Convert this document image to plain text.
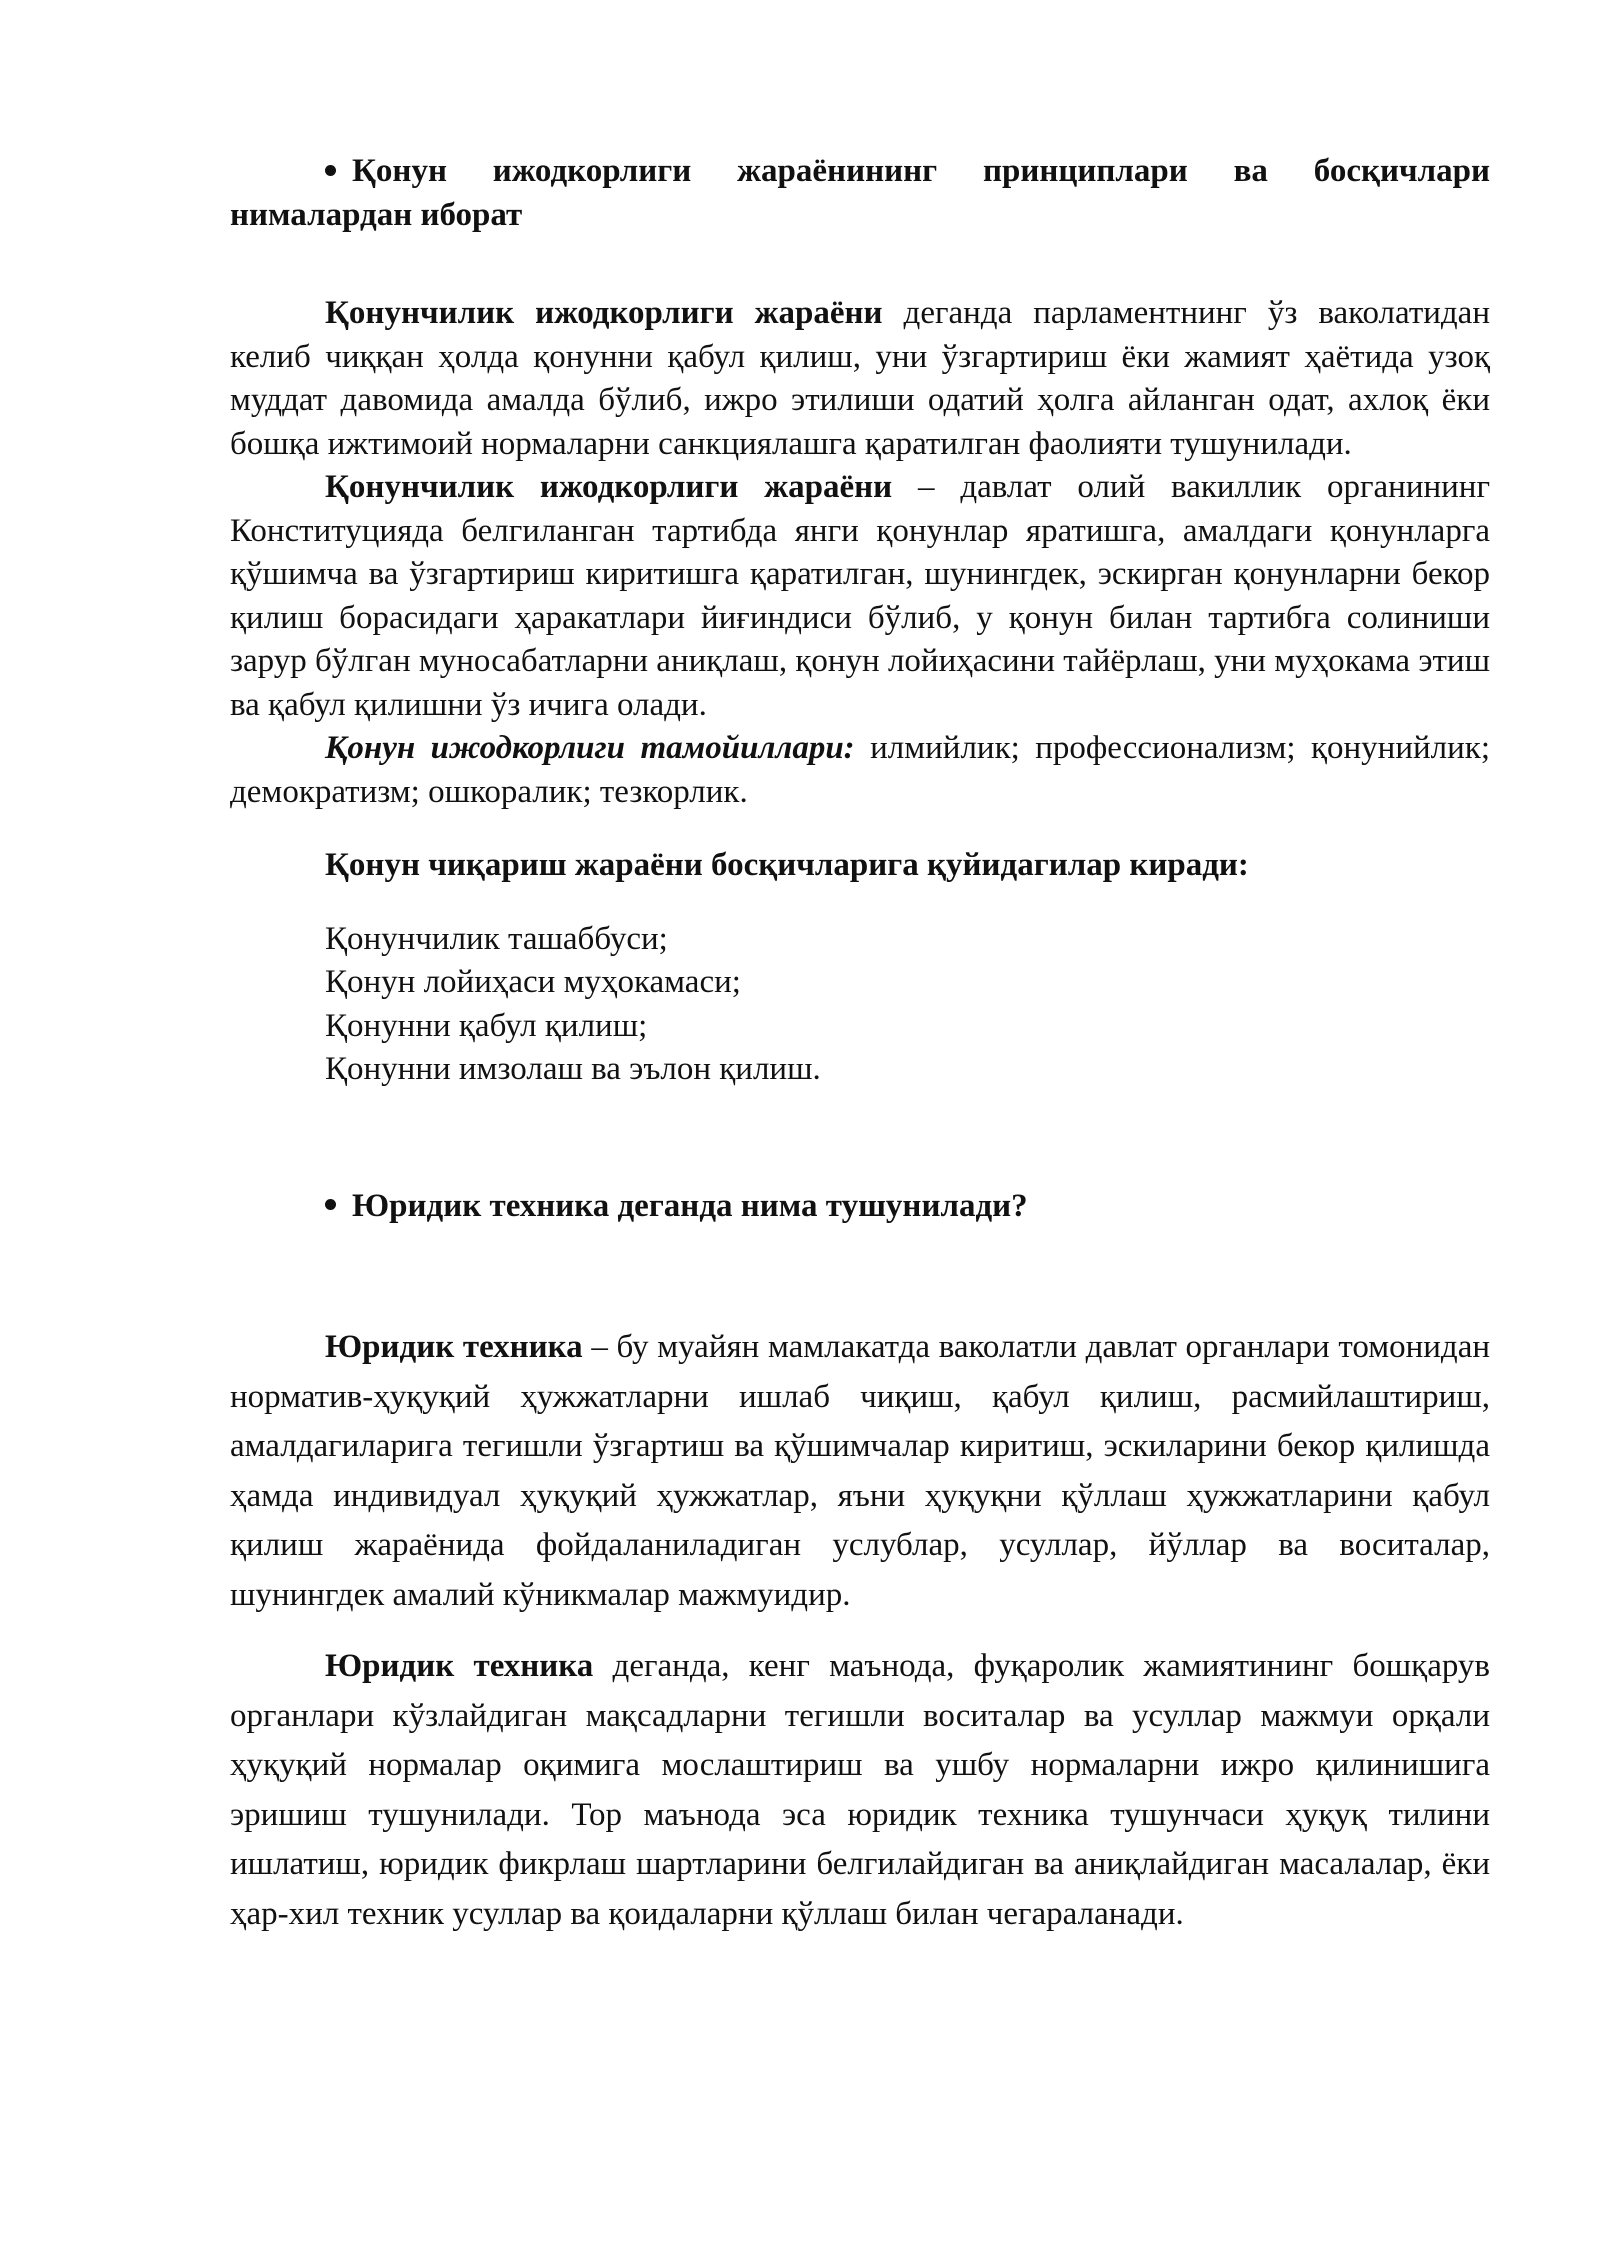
Қонун ижодкорлиги жараёнининг принциплари ва босқичлари нималардан иборат

Қонунчилик ижодкорлиги жараёни деганда парламентнинг ўз ваколатидан келиб чиққан ҳолда қонунни қабул қилиш, уни ўзгартириш ёки жамият ҳаётида узоқ муддат давомида амалда бўлиб, ижро этилиши одатий ҳолга айланган одат, ахлоқ ёки бошқа ижтимоий нормаларни санкциялашга қаратилган фаолияти тушунилади.

Қонунчилик ижодкорлиги жараёни – давлат олий вакиллик органининг Конституцияда белгиланган тартибда янги қонунлар яратишга, амалдаги қонунларга қўшимча ва ўзгартириш киритишга қаратилган, шунингдек, эскирган қонунларни бекор қилиш борасидаги ҳаракатлари йиғиндиси бўлиб, у қонун билан тартибга солиниши зарур бўлган муносабатларни аниқлаш, қонун лойиҳасини тайёрлаш, уни муҳокама этиш ва қабул қилишни ўз ичига олади.

Қонун ижодкорлиги тамойиллари: илмийлик; профессионализм; қонунийлик; демократизм; ошкоралик; тезкорлик.

Қонун чиқариш жараёни босқичларига қуйидагилар киради:
Қонунчилик ташаббуси;
Қонун лойиҳаси муҳокамаси;
Қонунни қабул қилиш;
Қонунни имзолаш ва эълон қилиш.

Юридик техника деганда нима тушунилади?

Юридик техника – бу муайян мамлакатда ваколатли давлат органлари томонидан норматив-ҳуқуқий ҳужжатларни ишлаб чиқиш, қабул қилиш, расмийлаштириш, амалдагиларига тегишли ўзгартиш ва қўшимчалар киритиш, эскиларини бекор қилишда ҳамда индивидуал ҳуқуқий ҳужжатлар, яъни ҳуқуқни қўллаш ҳужжатларини қабул қилиш жараёнида фойдаланиладиган услублар, усуллар, йўллар ва воситалар, шунингдек амалий кўникмалар мажмуидир.

Юридик техника деганда, кенг маънода, фуқаролик жамиятининг бошқарув органлари кўзлайдиган мақсадларни тегишли воситалар ва усуллар мажмуи орқали ҳуқуқий нормалар оқимига мослаштириш ва ушбу нормаларни ижро қилинишига эришиш тушунилади. Тор маънода эса юридик техника тушунчаси ҳуқуқ тилини ишлатиш, юридик фикрлаш шартларини белгилайдиган ва аниқлайдиган масалалар, ёки ҳар-хил техник усуллар ва қоидаларни қўллаш билан чегараланади.
